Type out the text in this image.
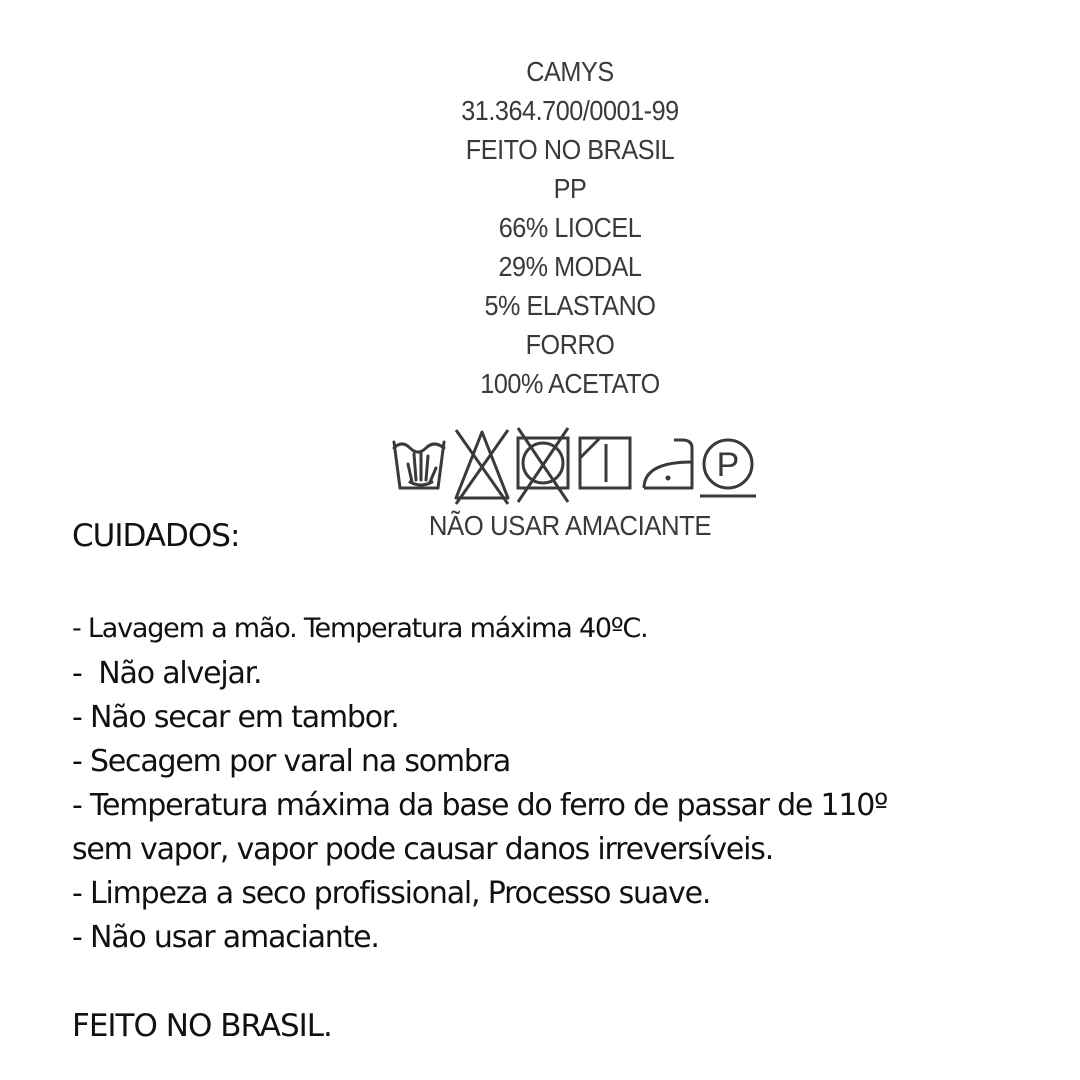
CAMYS
31.364.700/0001-99
FEITO NO BRASIL
PP
66% LIOCEL
29% MODAL
5% ELASTANO
FORRO
100% ACETATO
P
NÃO USAR AMACIANTE
CUIDADOS:
- Lavagem a mão. Temperatura máxima 40ºC.
-  Não alvejar.
- Não secar em tambor.
- Secagem por varal na sombra
- Temperatura máxima da base do ferro de passar de 110º
sem vapor, vapor pode causar danos irreversíveis.
- Limpeza a seco profissional, Processo suave.
- Não usar amaciante.
FEITO NO BRASIL.
